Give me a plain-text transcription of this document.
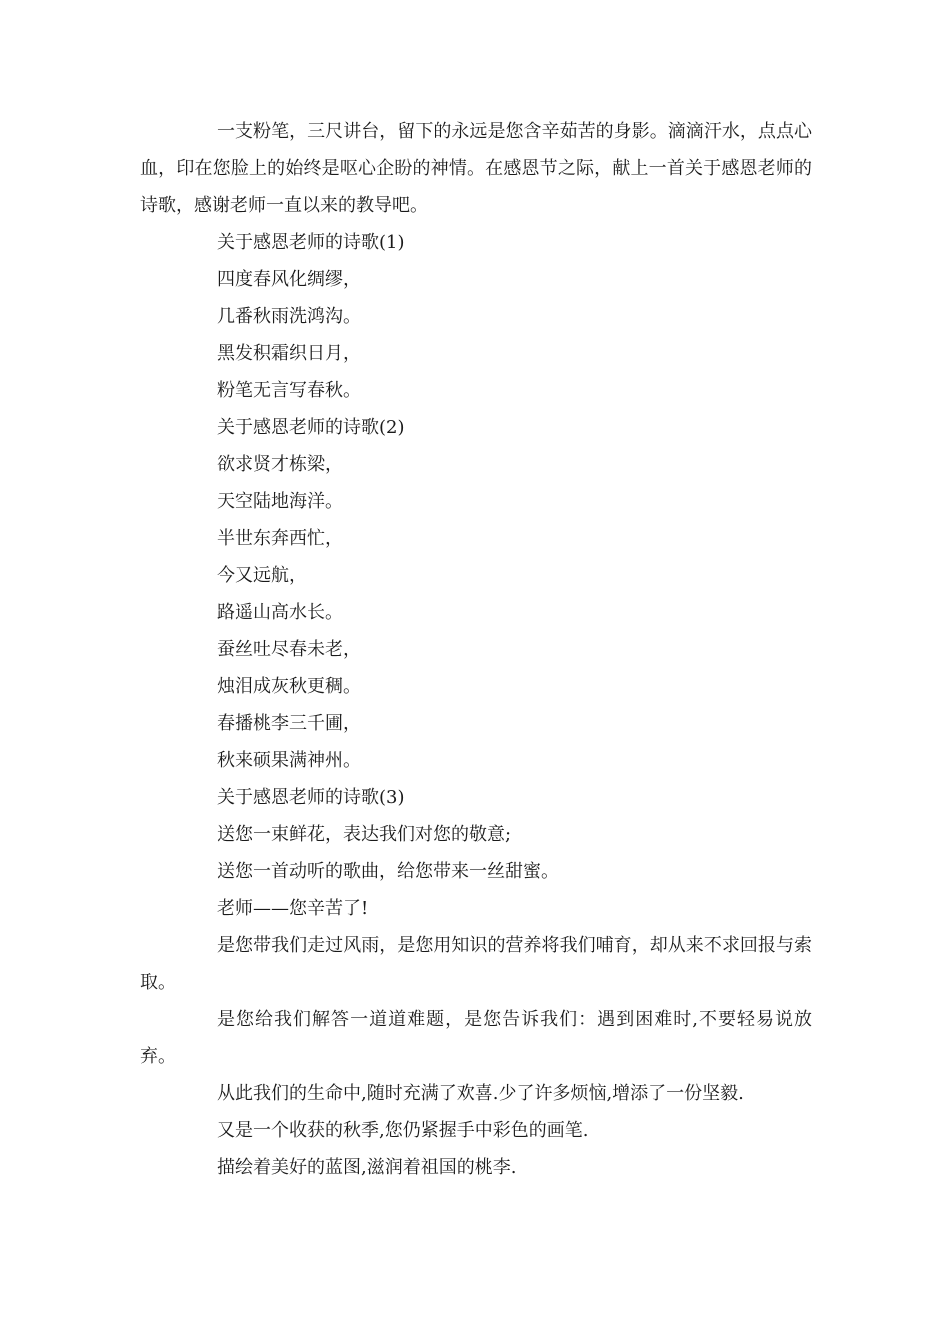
一支粉笔，三尺讲台，留下的永远是您含辛茹苦的身影。滴滴汗水，点点心血，印在您脸上的始终是呕心企盼的神情。在感恩节之际，献上一首关于感恩老师的诗歌，感谢老师一直以来的教导吧。

关于感恩老师的诗歌(1)

四度春风化绸缪，

几番秋雨洗鸿沟。

黑发积霜织日月，

粉笔无言写春秋。

关于感恩老师的诗歌(2)

欲求贤才栋梁，

天空陆地海洋。

半世东奔西忙，

今又远航，

路遥山高水长。

蚕丝吐尽春未老，

烛泪成灰秋更稠。

春播桃李三千圃，

秋来硕果满神州。

关于感恩老师的诗歌(3)

送您一束鲜花，表达我们对您的敬意;

送您一首动听的歌曲，给您带来一丝甜蜜。

老师——您辛苦了!

是您带我们走过风雨，是您用知识的营养将我们哺育，却从来不求回报与索取。

是您给我们解答一道道难题，是您告诉我们：遇到困难时,不要轻易说放弃。

从此我们的生命中,随时充满了欢喜.少了许多烦恼,增添了一份坚毅.

又是一个收获的秋季,您仍紧握手中彩色的画笔.

描绘着美好的蓝图,滋润着祖国的桃李.
